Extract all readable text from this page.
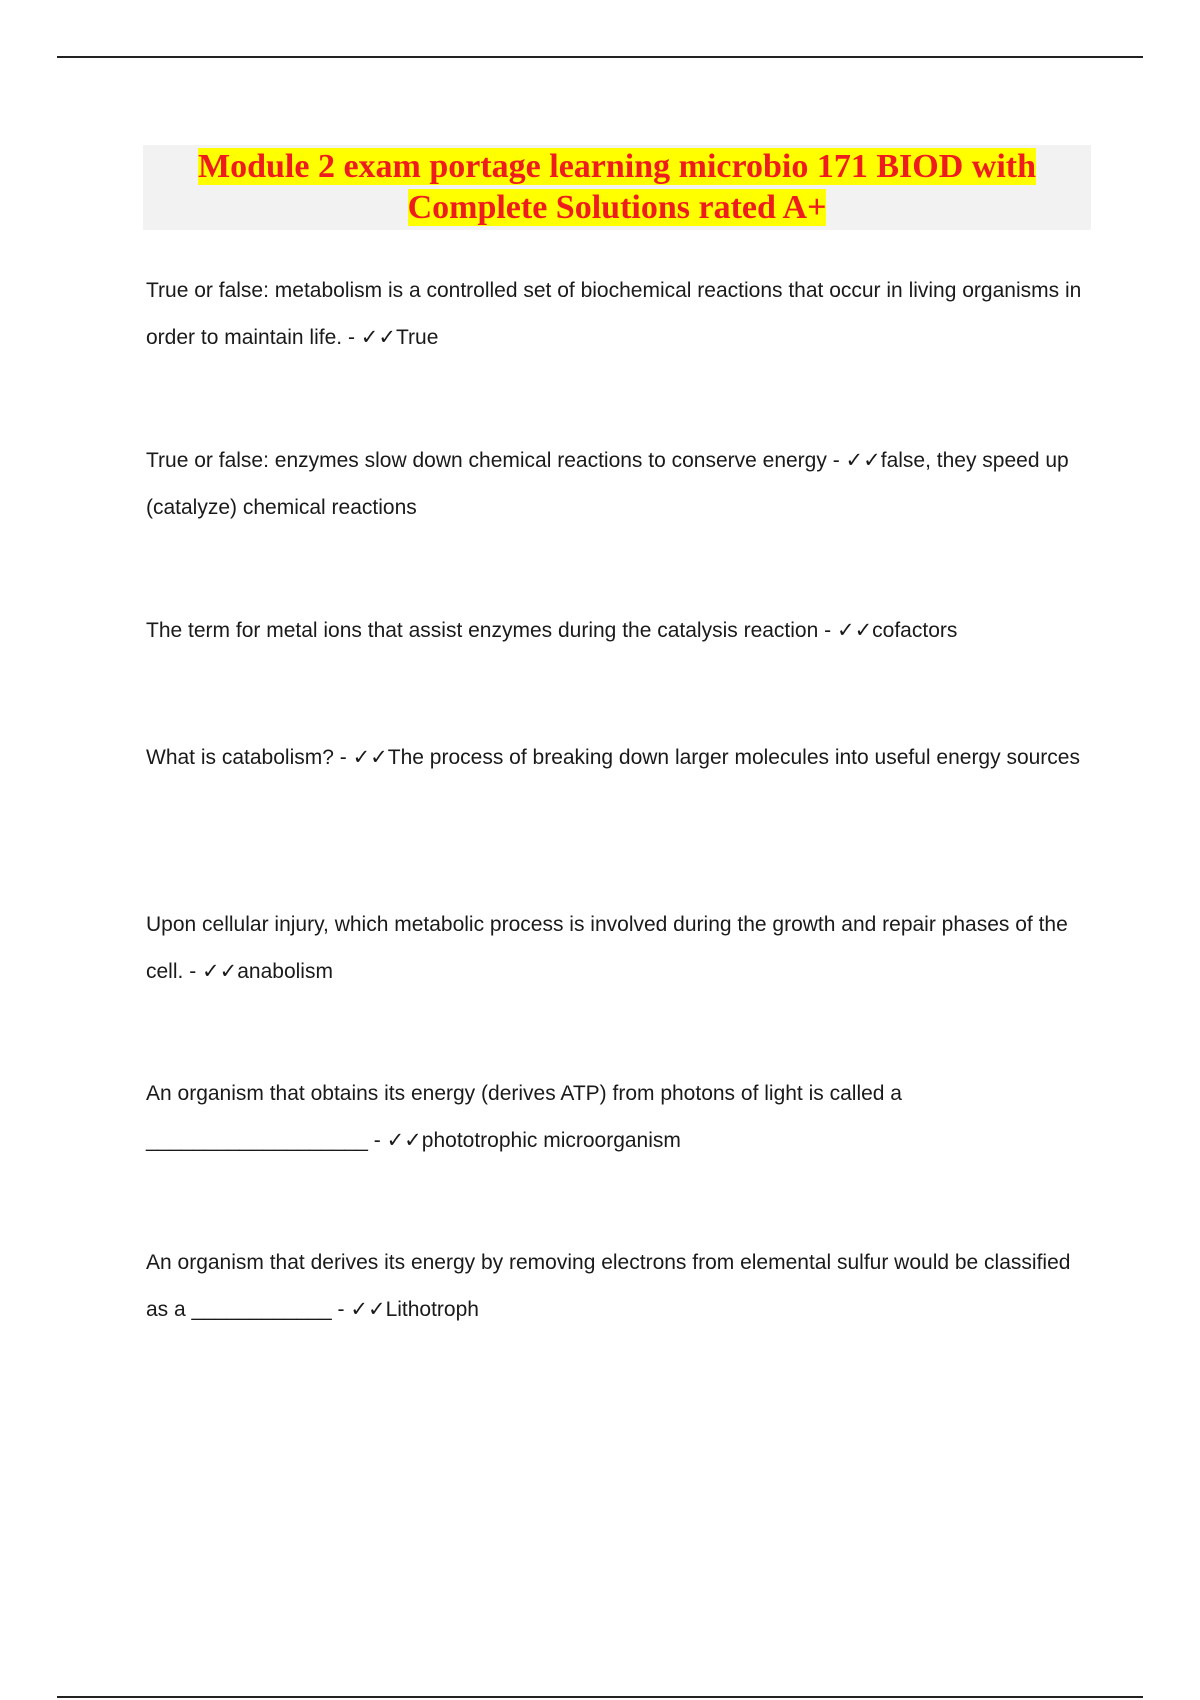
Module 2 exam portage learning microbio 171 BIOD with
Complete Solutions rated A+
True or false: metabolism is a controlled set of biochemical reactions that occur in living organisms in order to maintain life. - ✓✓True
True or false: enzymes slow down chemical reactions to conserve energy - ✓✓false, they speed up (catalyze) chemical reactions
The term for metal ions that assist enzymes during the catalysis reaction - ✓✓cofactors
What is catabolism? - ✓✓The process of breaking down larger molecules into useful energy sources
Upon cellular injury, which metabolic process is involved during the growth and repair phases of the cell. - ✓✓anabolism
An organism that obtains its energy (derives ATP) from photons of light is called a ___________________ - ✓✓phototrophic microorganism
An organism that derives its energy by removing electrons from elemental sulfur would be classified as a ____________ - ✓✓Lithotroph
